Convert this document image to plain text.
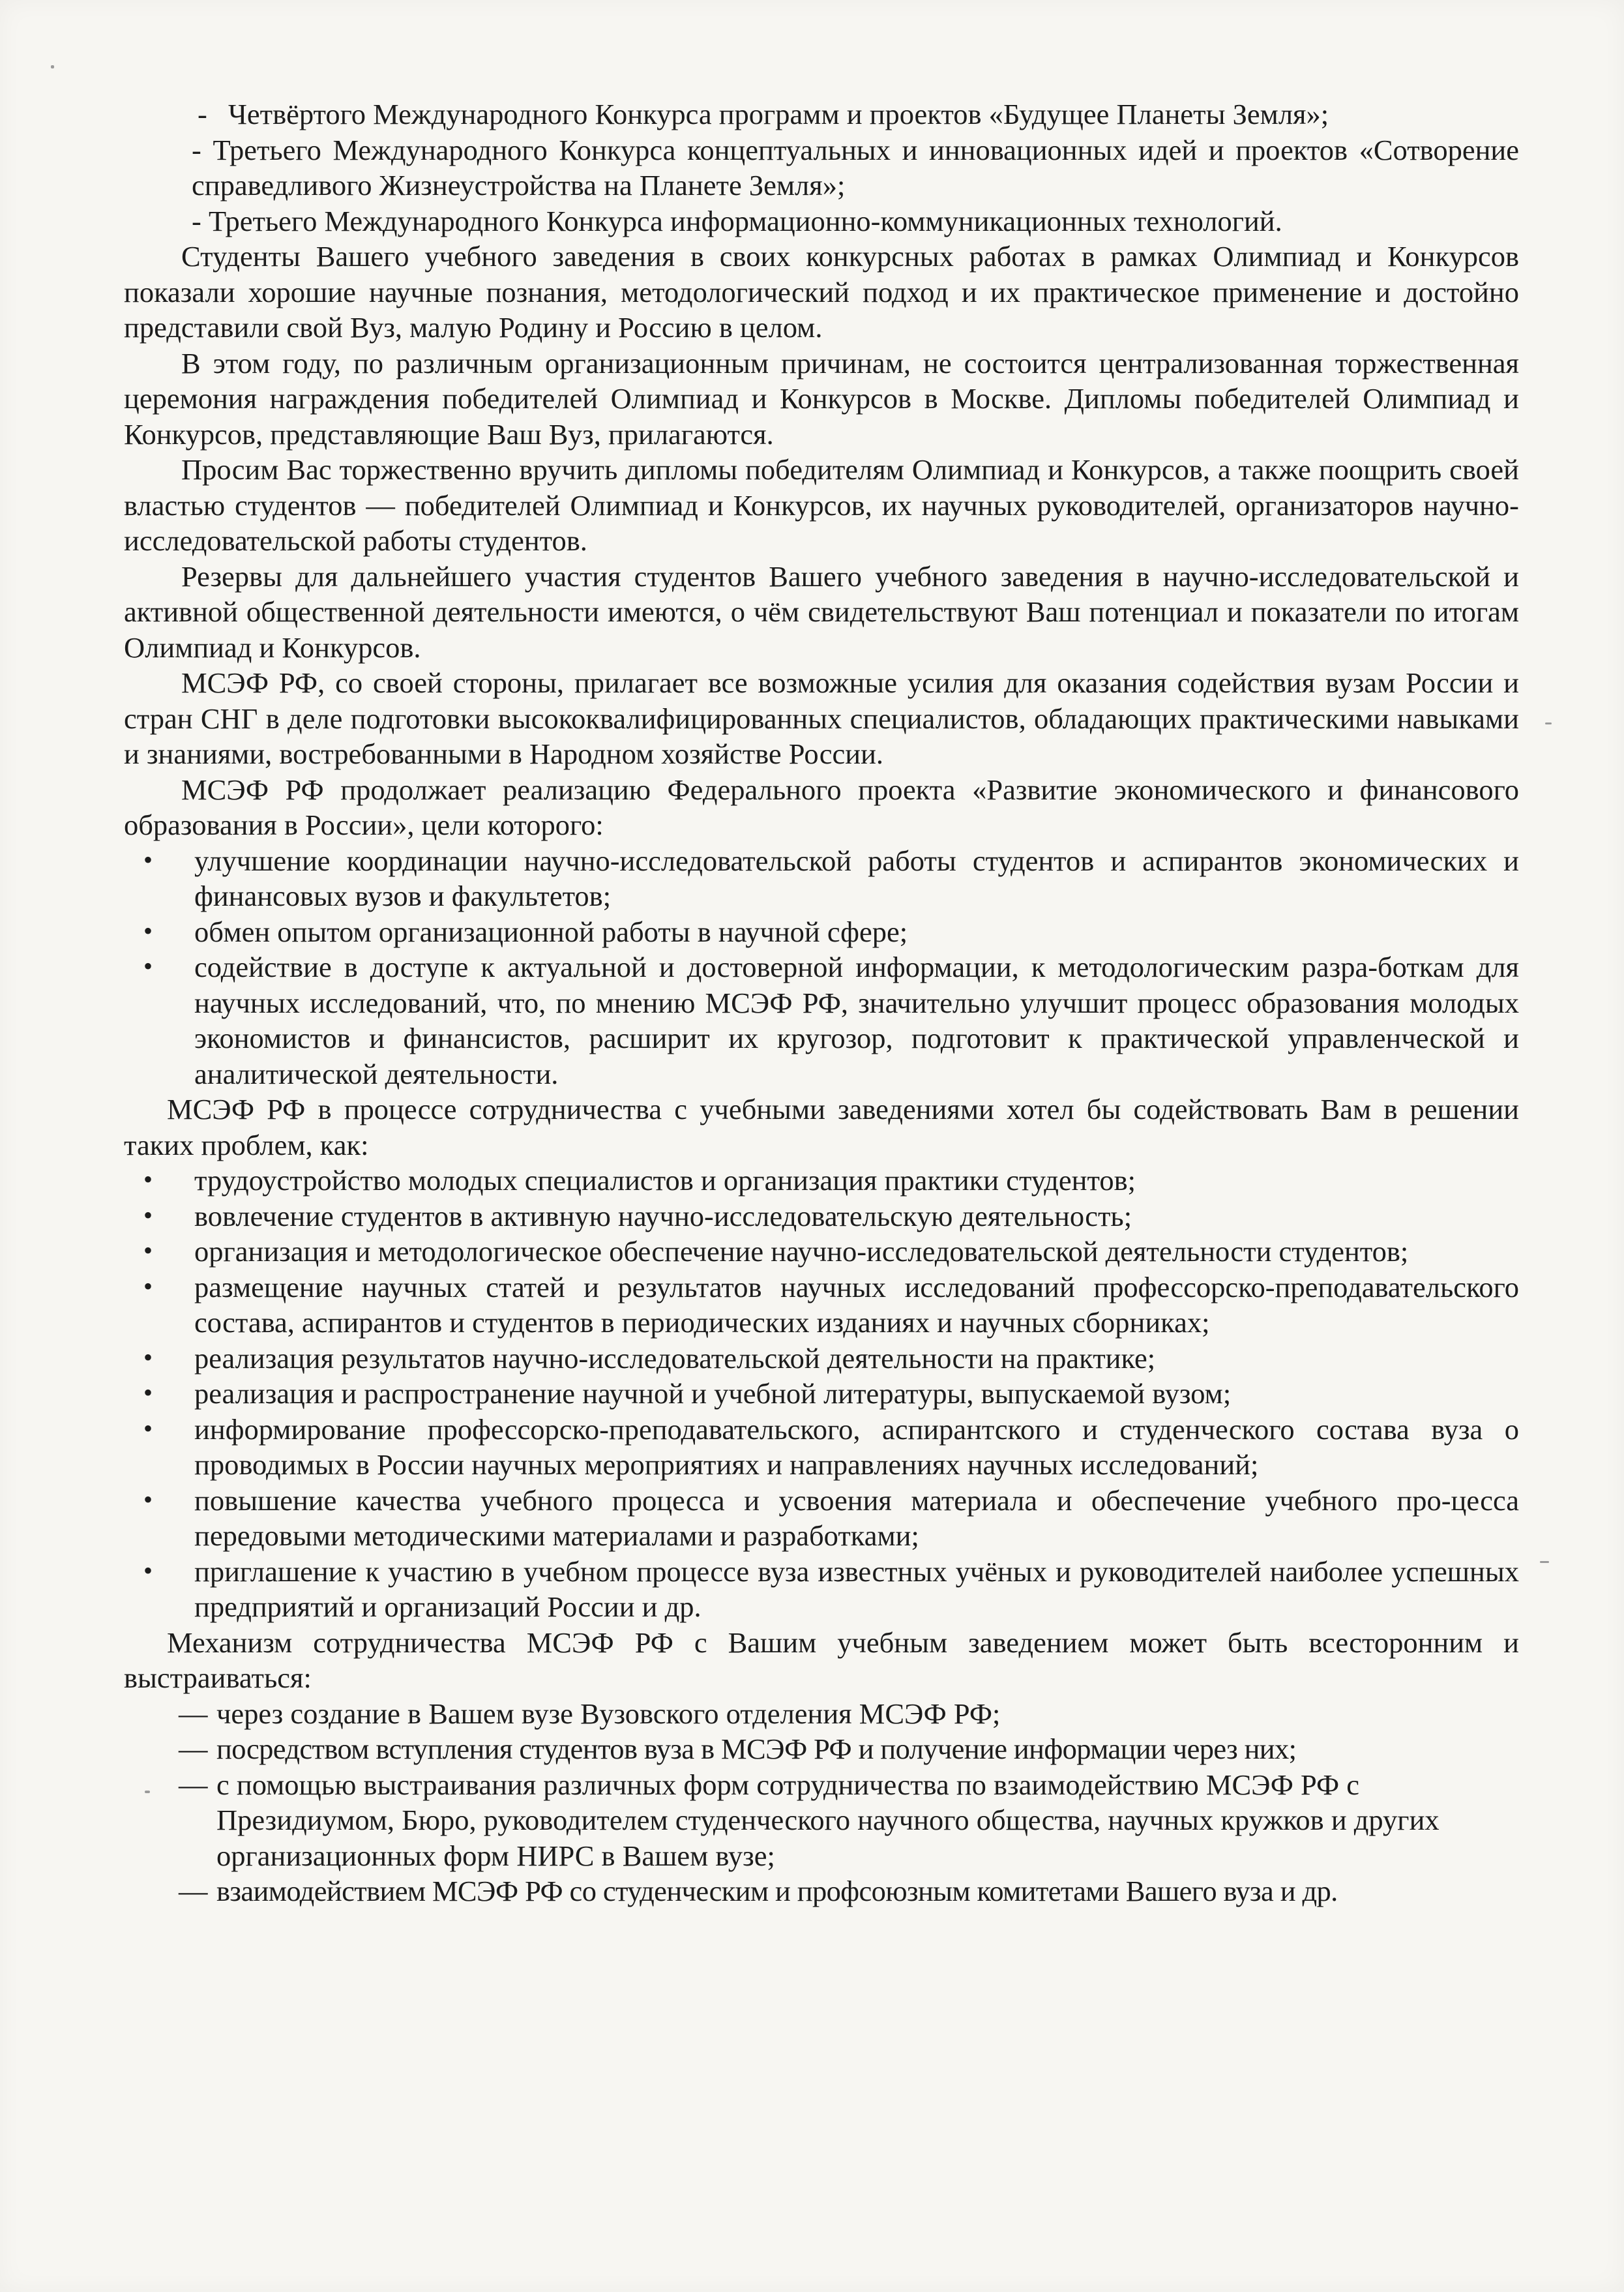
- Четвёртого Международного Конкурса программ и проектов «Будущее Планеты Земля»;
- Третьего Международного Конкурса концептуальных и инновационных идей и проектов «Сотворение справедливого Жизнеустройства на Планете Земля»;
- Третьего Международного Конкурса информационно-коммуникационных технологий.

Студенты Вашего учебного заведения в своих конкурсных работах в рамках Олимпиад и Конкурсов показали хорошие научные познания, методологический подход и их практическое применение и достойно представили свой Вуз, малую Родину и Россию в целом.

В этом году, по различным организационным причинам, не состоится централизованная торжественная церемония награждения победителей Олимпиад и Конкурсов в Москве. Дипломы победителей Олимпиад и Конкурсов, представляющие Ваш Вуз, прилагаются.

Просим Вас торжественно вручить дипломы победителям Олимпиад и Конкурсов, а также поощрить своей властью студентов — победителей Олимпиад и Конкурсов, их научных руководителей, организаторов научно-исследовательской работы студентов.

Резервы для дальнейшего участия студентов Вашего учебного заведения в научно-исследовательской и активной общественной деятельности имеются, о чём свидетельствуют Ваш потенциал и показатели по итогам Олимпиад и Конкурсов.

МСЭФ РФ, со своей стороны, прилагает все возможные усилия для оказания содействия вузам России и стран СНГ в деле подготовки высококвалифицированных специалистов, обладающих практическими навыками и знаниями, востребованными в Народном хозяйстве России.

МСЭФ РФ продолжает реализацию Федерального проекта «Развитие экономического и финансового образования в России», цели которого:

• улучшение координации научно-исследовательской работы студентов и аспирантов экономических и финансовых вузов и факультетов;
• обмен опытом организационной работы в научной сфере;
• содействие в доступе к актуальной и достоверной информации, к методологическим разра-боткам для научных исследований, что, по мнению МСЭФ РФ, значительно улучшит процесс образования молодых экономистов и финансистов, расширит их кругозор, подготовит к практической управленческой и аналитической деятельности.

МСЭФ РФ в процессе сотрудничества с учебными заведениями хотел бы содействовать Вам в решении таких проблем, как:

• трудоустройство молодых специалистов и организация практики студентов;
• вовлечение студентов в активную научно-исследовательскую деятельность;
• организация и методологическое обеспечение научно-исследовательской деятельности студентов;
• размещение научных статей и результатов научных исследований профессорско-преподавательского состава, аспирантов и студентов в периодических изданиях и научных сборниках;
• реализация результатов научно-исследовательской деятельности на практике;
• реализация и распространение научной и учебной литературы, выпускаемой вузом;
• информирование профессорско-преподавательского, аспирантского и студенческого состава вуза о проводимых в России научных мероприятиях и направлениях научных исследований;
• повышение качества учебного процесса и усвоения материала и обеспечение учебного про-цесса передовыми методическими материалами и разработками;
• приглашение к участию в учебном процессе вуза известных учёных и руководителей наиболее успешных предприятий и организаций России и др.

Механизм сотрудничества МСЭФ РФ с Вашим учебным заведением может быть всесторонним и выстраиваться:

— через создание в Вашем вузе Вузовского отделения МСЭФ РФ;
— посредством вступления студентов вуза в МСЭФ РФ и получение информации через них;
— с помощью выстраивания различных форм сотрудничества по взаимодействию МСЭФ РФ с Президиумом, Бюро, руководителем студенческого научного общества, научных кружков и других организационных форм НИРС в Вашем вузе;
— взаимодействием МСЭФ РФ со студенческим и профсоюзным комитетами Вашего вуза и др.
